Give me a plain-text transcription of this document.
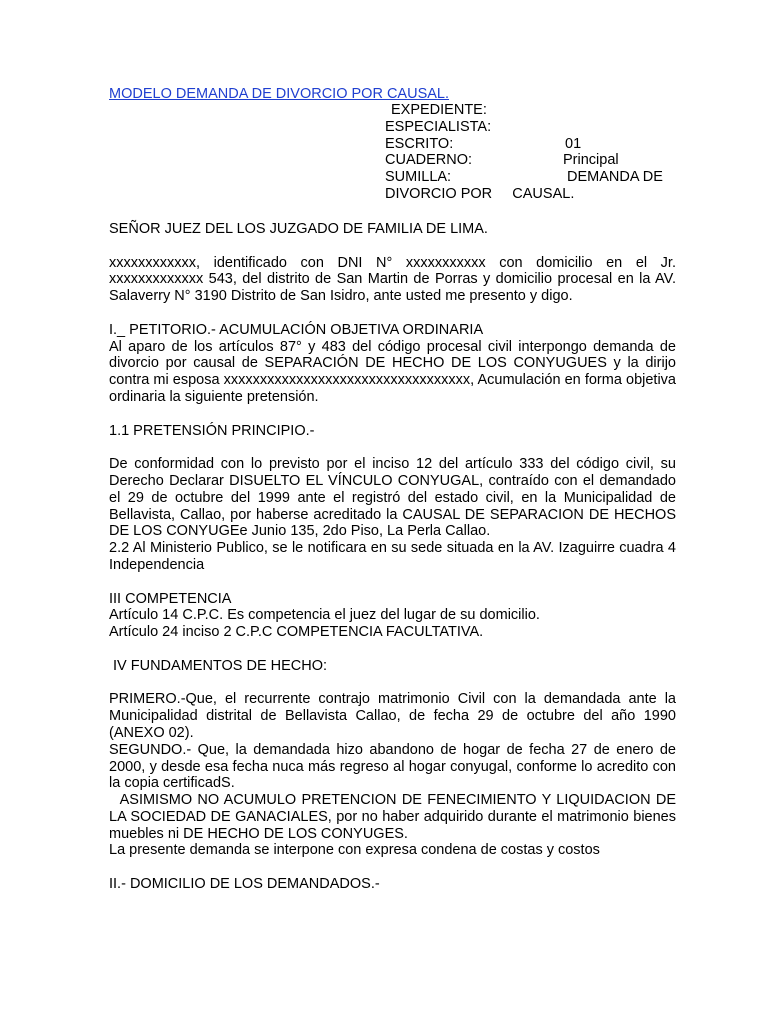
MODELO DEMANDA DE DIVORCIO POR CAUSAL.
EXPEDIENTE:
ESPECIALISTA:
ESCRITO:	01
CUADERNO:	Principal
SUMILLA:	DEMANDA DE
DIVORCIO POR     CAUSAL.

SEÑOR JUEZ DEL LOS JUZGADO DE FAMILIA DE LIMA.

xxxxxxxxxxxx, identificado con DNI N° xxxxxxxxxxx con domicilio en el Jr. xxxxxxxxxxxxx 543, del distrito de San Martin de Porras y domicilio procesal en la AV. Salaverry N° 3190 Distrito de San Isidro, ante usted me presento y digo.

I._ PETITORIO.- ACUMULACIÓN OBJETIVA ORDINARIA

Al aparo de los artículos 87° y 483 del código procesal civil interpongo demanda de divorcio por causal de SEPARACIÓN DE HECHO DE LOS CONYUGUES y la dirijo contra mi esposa xxxxxxxxxxxxxxxxxxxxxxxxxxxxxxxxxx, Acumulación en forma objetiva ordinaria la siguiente pretensión.

1.1 PRETENSIÓN PRINCIPIO.-

De conformidad con lo previsto por el inciso 12 del artículo 333 del código civil, su Derecho Declarar DISUELTO EL VÍNCULO CONYUGAL, contraído con el demandado el 29 de octubre del 1999 ante el registró del estado civil, en la Municipalidad de Bellavista, Callao, por haberse acreditado la CAUSAL DE SEPARACION DE HECHOS DE LOS CONYUGEe Junio 135, 2do Piso, La Perla Callao.

2.2 Al Ministerio Publico, se le notificara en su sede situada en la AV. Izaguirre cuadra 4 Independencia

III COMPETENCIA

Artículo 14 C.P.C. Es competencia el juez del lugar de su domicilio.

Artículo 24 inciso 2 C.P.C COMPETENCIA FACULTATIVA.

IV FUNDAMENTOS DE HECHO:

PRIMERO.-Que, el recurrente contrajo matrimonio Civil con la demandada ante la Municipalidad distrital de Bellavista Callao, de fecha 29 de octubre del año 1990 (ANEXO 02).

SEGUNDO.- Que, la demandada hizo abandono de hogar de fecha 27 de enero de 2000, y desde esa fecha nuca más regreso al hogar conyugal, conforme lo acredito con la copia certificadS.

ASIMISMO NO ACUMULO PRETENCION DE FENECIMIENTO Y LIQUIDACION DE LA SOCIEDAD DE GANACIALES, por no haber adquirido durante el matrimonio bienes muebles ni DE HECHO DE LOS CONYUGES.

La presente demanda se interpone con expresa condena de costas y costos

II.- DOMICILIO DE LOS DEMANDADOS.-
